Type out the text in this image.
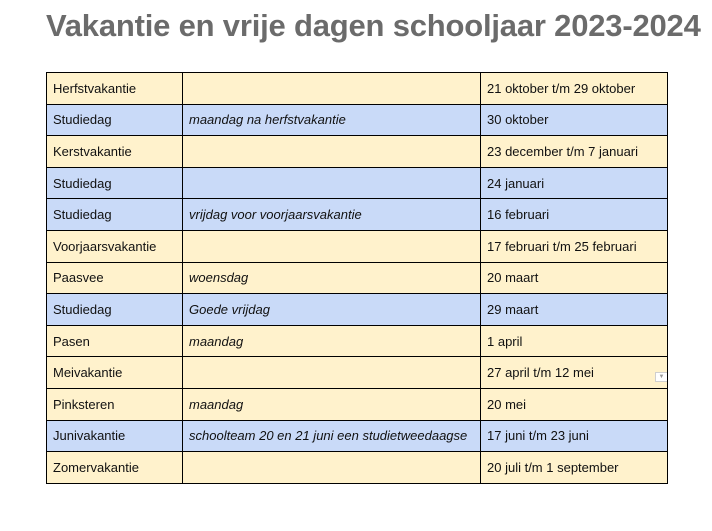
Vakantie en vrije dagen schooljaar 2023-2024
Herfstvakantie		21 oktober t/m 29 oktober
Studiedag	maandag na herfstvakantie	30 oktober
Kerstvakantie		23 december t/m 7 januari
Studiedag		24 januari
Studiedag	vrijdag voor voorjaarsvakantie	16 februari
Voorjaarsvakantie		17 februari t/m 25 februari
Paasvee	woensdag	20 maart
Studiedag	Goede vrijdag	29 maart
Pasen	maandag	1 april
Meivakantie		27 april t/m 12 mei ▼

Pinksteren	maandag	20 mei
Junivakantie	schoolteam 20 en 21 juni een studietweedaagse	17 juni t/m 23 juni
Zomervakantie		20 juli t/m 1 september
